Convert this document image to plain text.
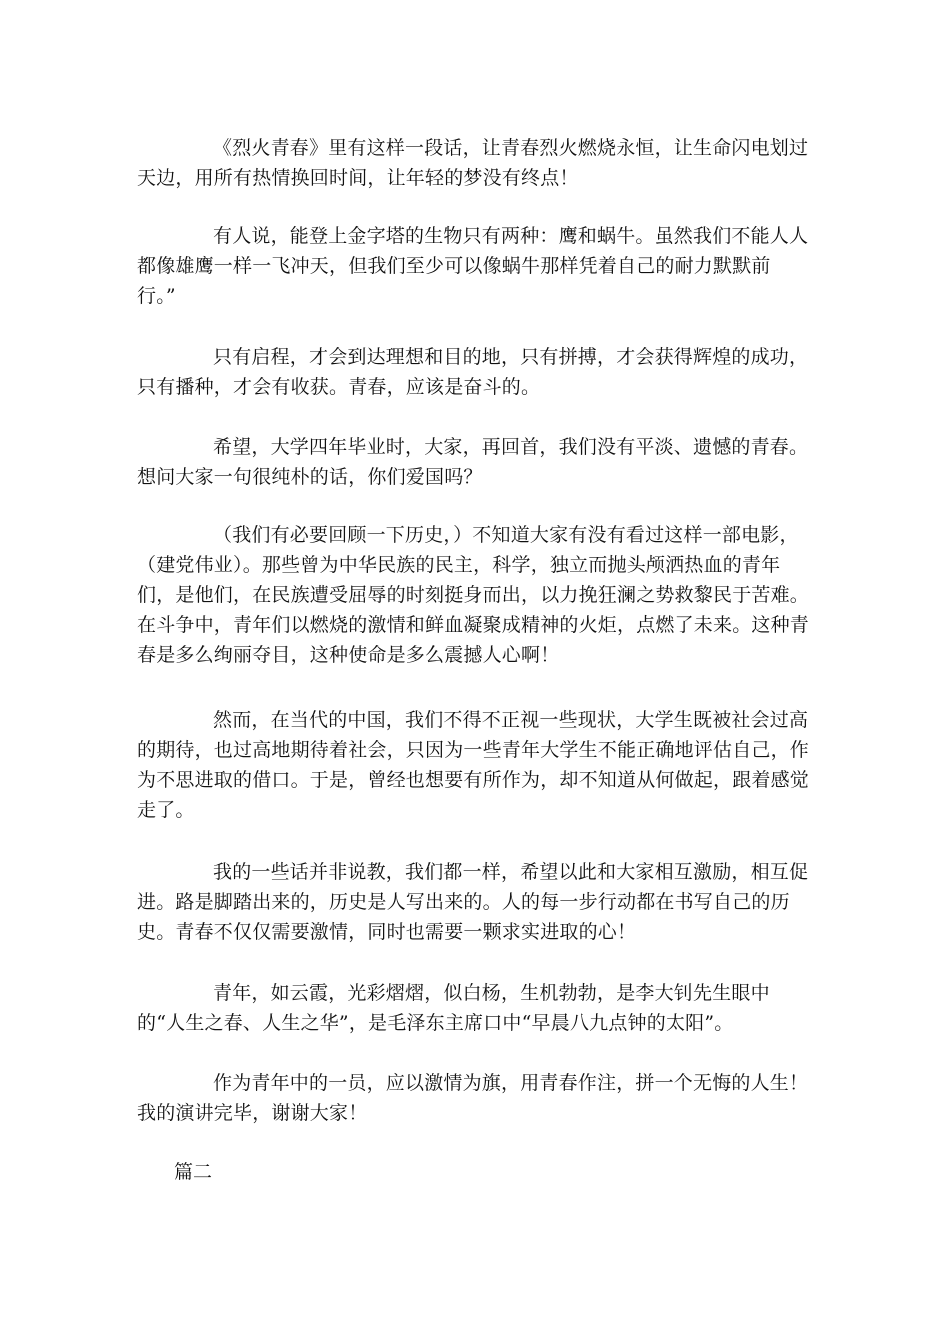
《烈火青春》里有这样一段话，让青春烈火燃烧永恒，让生命闪电划过天边，用所有热情换回时间，让年轻的梦没有终点！

有人说，能登上金字塔的生物只有两种：鹰和蜗牛。虽然我们不能人人都像雄鹰一样一飞冲天，但我们至少可以像蜗牛那样凭着自己的耐力默默前行。”

只有启程，才会到达理想和目的地，只有拼搏，才会获得辉煌的成功，只有播种，才会有收获。青春，应该是奋斗的。

希望，大学四年毕业时，大家，再回首，我们没有平淡、遗憾的青春。想问大家一句很纯朴的话，你们爱国吗？

（我们有必要回顾一下历史，）不知道大家有没有看过这样一部电影，（建党伟业）。那些曾为中华民族的民主，科学，独立而抛头颅洒热血的青年们，是他们，在民族遭受屈辱的时刻挺身而出，以力挽狂澜之势救黎民于苦难。在斗争中，青年们以燃烧的激情和鲜血凝聚成精神的火炬，点燃了未来。这种青春是多么绚丽夺目，这种使命是多么震撼人心啊！

然而，在当代的中国，我们不得不正视一些现状，大学生既被社会过高的期待，也过高地期待着社会，只因为一些青年大学生不能正确地评估自己，作为不思进取的借口。于是，曾经也想要有所作为，却不知道从何做起，跟着感觉走了。

我的一些话并非说教，我们都一样，希望以此和大家相互激励，相互促进。路是脚踏出来的，历史是人写出来的。人的每一步行动都在书写自己的历史。青春不仅仅需要激情，同时也需要一颗求实进取的心！

青年，如云霞，光彩熠熠，似白杨，生机勃勃，是李大钊先生眼中的“人生之春、人生之华”，是毛泽东主席口中“早晨八九点钟的太阳”。

作为青年中的一员，应以激情为旗，用青春作注，拼一个无悔的人生！我的演讲完毕，谢谢大家！

篇二
